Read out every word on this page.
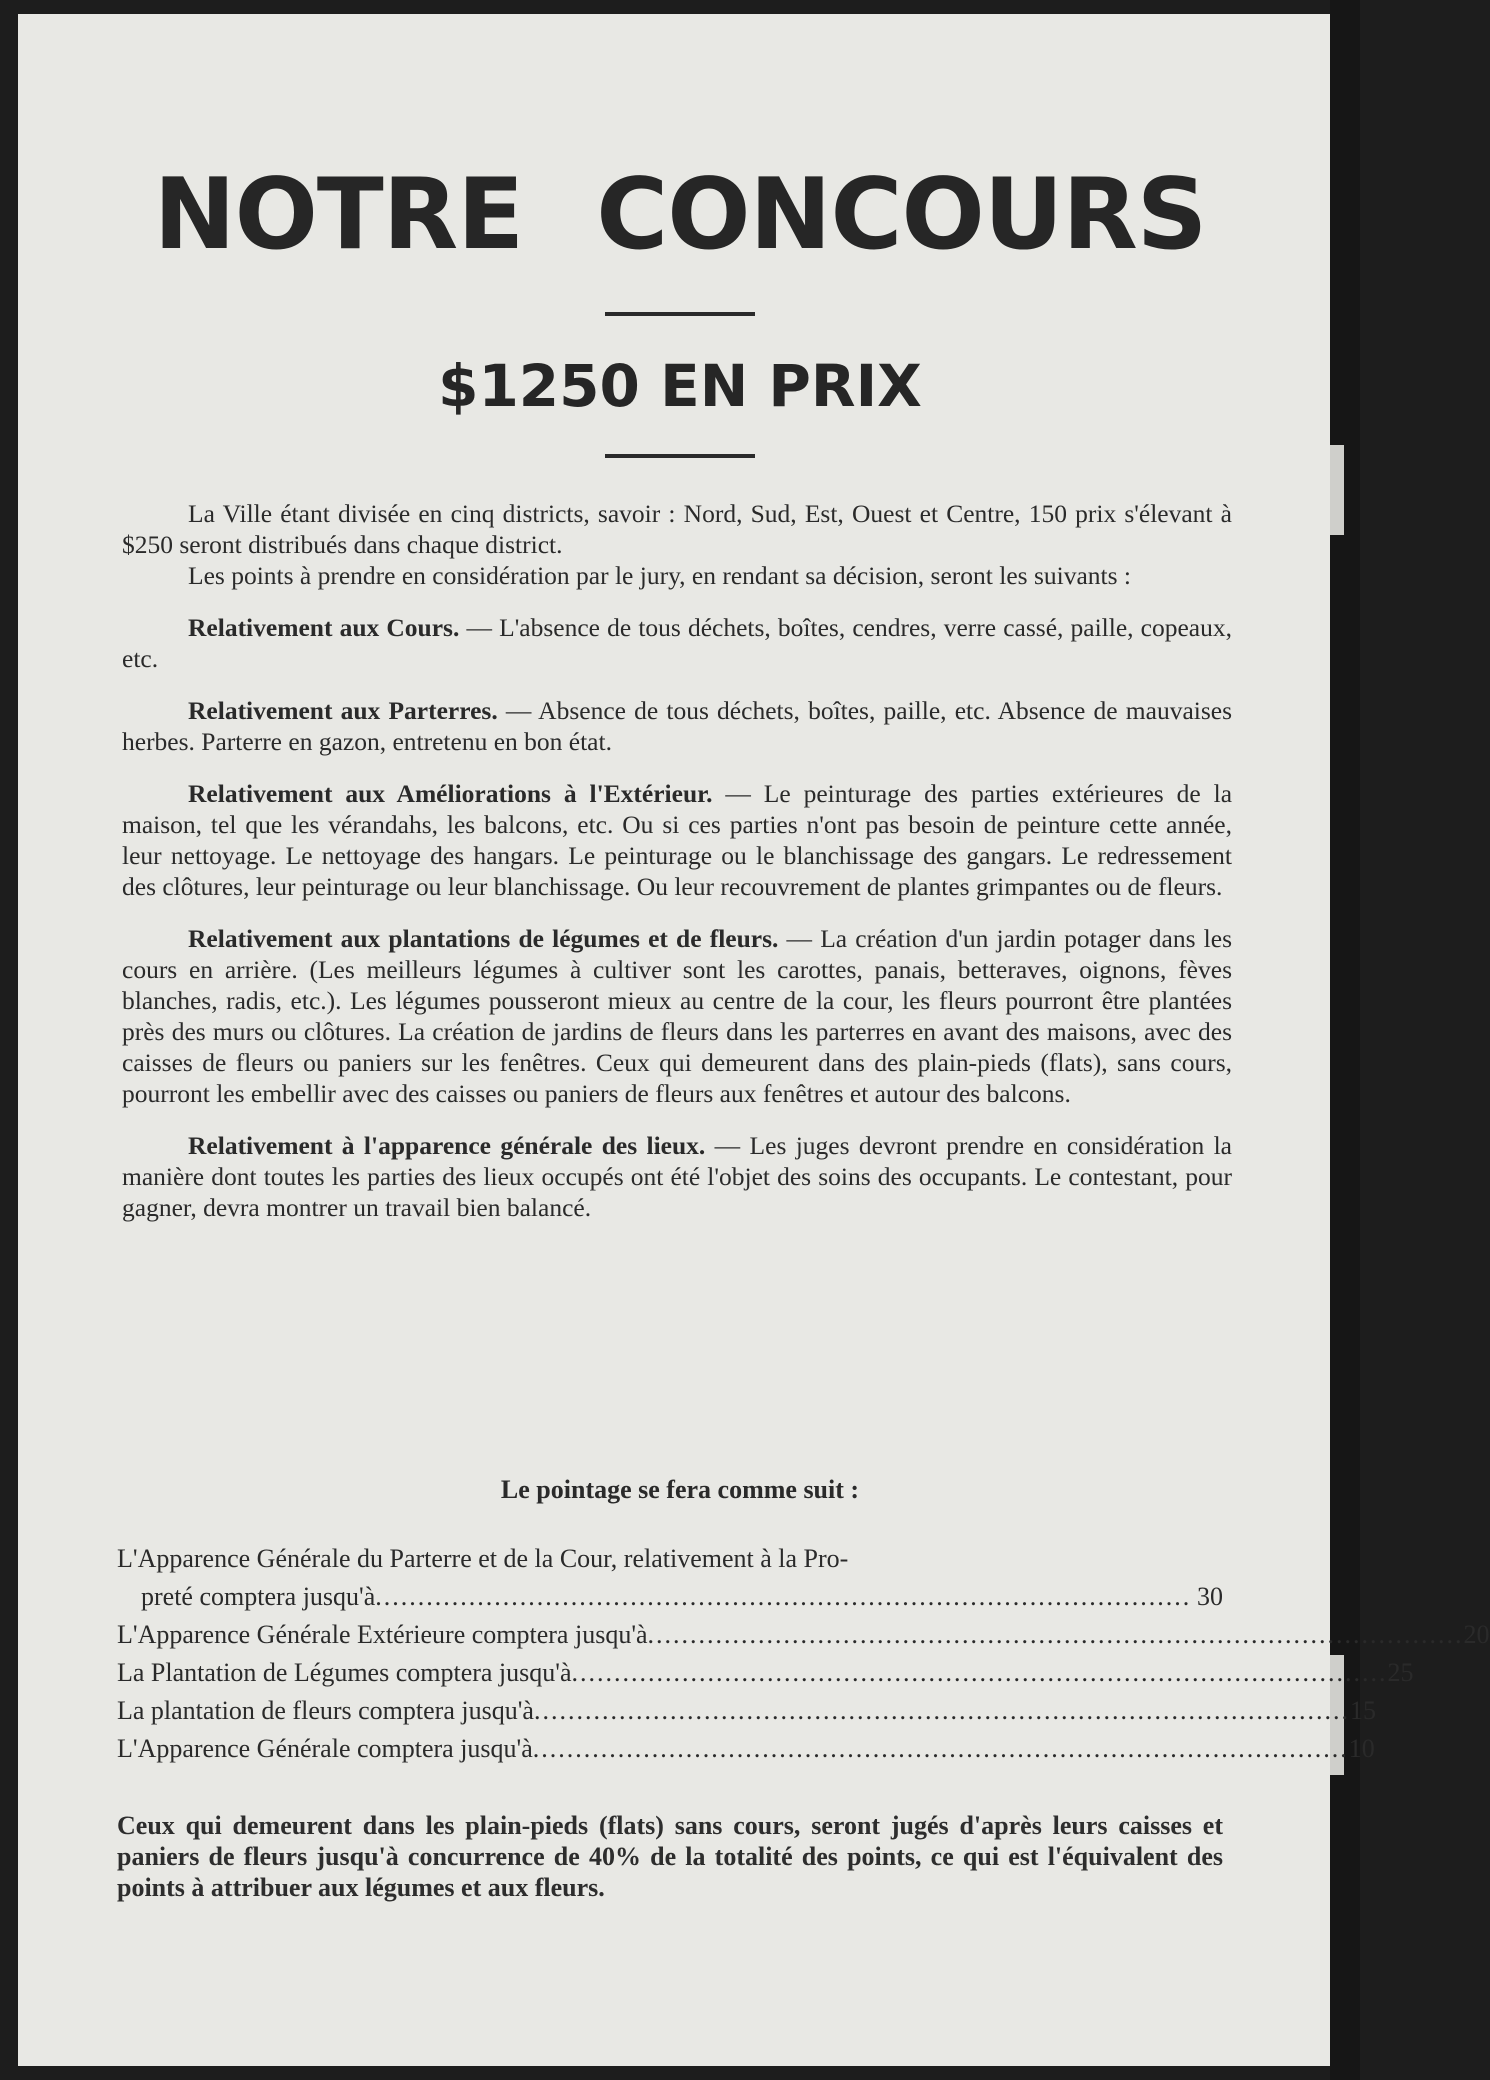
NOTRE CONCOURS
$1250 EN PRIX

La Ville étant divisée en cinq districts, savoir : Nord, Sud, Est, Ouest et Centre, 150 prix s'élevant à $250 seront distribués dans chaque district.

Les points à prendre en considération par le jury, en rendant sa décision, seront les suivants :

Relativement aux Cours. — L'absence de tous déchets, boîtes, cendres, verre cassé, paille, copeaux, etc.

Relativement aux Parterres. — Absence de tous déchets, boîtes, paille, etc. Absence de mauvaises herbes. Parterre en gazon, entretenu en bon état.

Relativement aux Améliorations à l'Extérieur. — Le peinturage des parties extérieures de la maison, tel que les vérandahs, les balcons, etc. Ou si ces parties n'ont pas besoin de peinture cette année, leur nettoyage. Le nettoyage des hangars. Le peinturage ou le blanchissage des gangars. Le redressement des clôtures, leur peinturage ou leur blanchissage. Ou leur recouvrement de plantes grimpantes ou de fleurs.

Relativement aux plantations de légumes et de fleurs. — La création d'un jardin potager dans les cours en arrière. (Les meilleurs légumes à cultiver sont les carottes, panais, betteraves, oignons, fèves blanches, radis, etc.). Les légumes pousseront mieux au centre de la cour, les fleurs pourront être plantées près des murs ou clôtures. La création de jardins de fleurs dans les parterres en avant des maisons, avec des caisses de fleurs ou paniers sur les fenêtres. Ceux qui demeurent dans des plain-pieds (flats), sans cours, pourront les embellir avec des caisses ou paniers de fleurs aux fenêtres et autour des balcons.

Relativement à l'apparence générale des lieux. — Les juges devront prendre en considération la manière dont toutes les parties des lieux occupés ont été l'objet des soins des occupants. Le contestant, pour gagner, devra montrer un travail bien balancé.

Le pointage se fera comme suit :
L'Apparence Générale du Parterre et de la Cour, relativement à la Pro-
preté comptera jusqu'à................................................................................................ 30
L'Apparence Générale Extérieure comptera jusqu'à................................................................................................ 20
La Plantation de Légumes comptera jusqu'à................................................................................................ 25
La plantation de fleurs comptera jusqu'à................................................................................................ 15
L'Apparence Générale comptera jusqu'à................................................................................................ 10

Ceux qui demeurent dans les plain-pieds (flats) sans cours, seront jugés d'après leurs caisses et paniers de fleurs jusqu'à concurrence de 40% de la totalité des points, ce qui est l'équivalent des points à attribuer aux légumes et aux fleurs.
